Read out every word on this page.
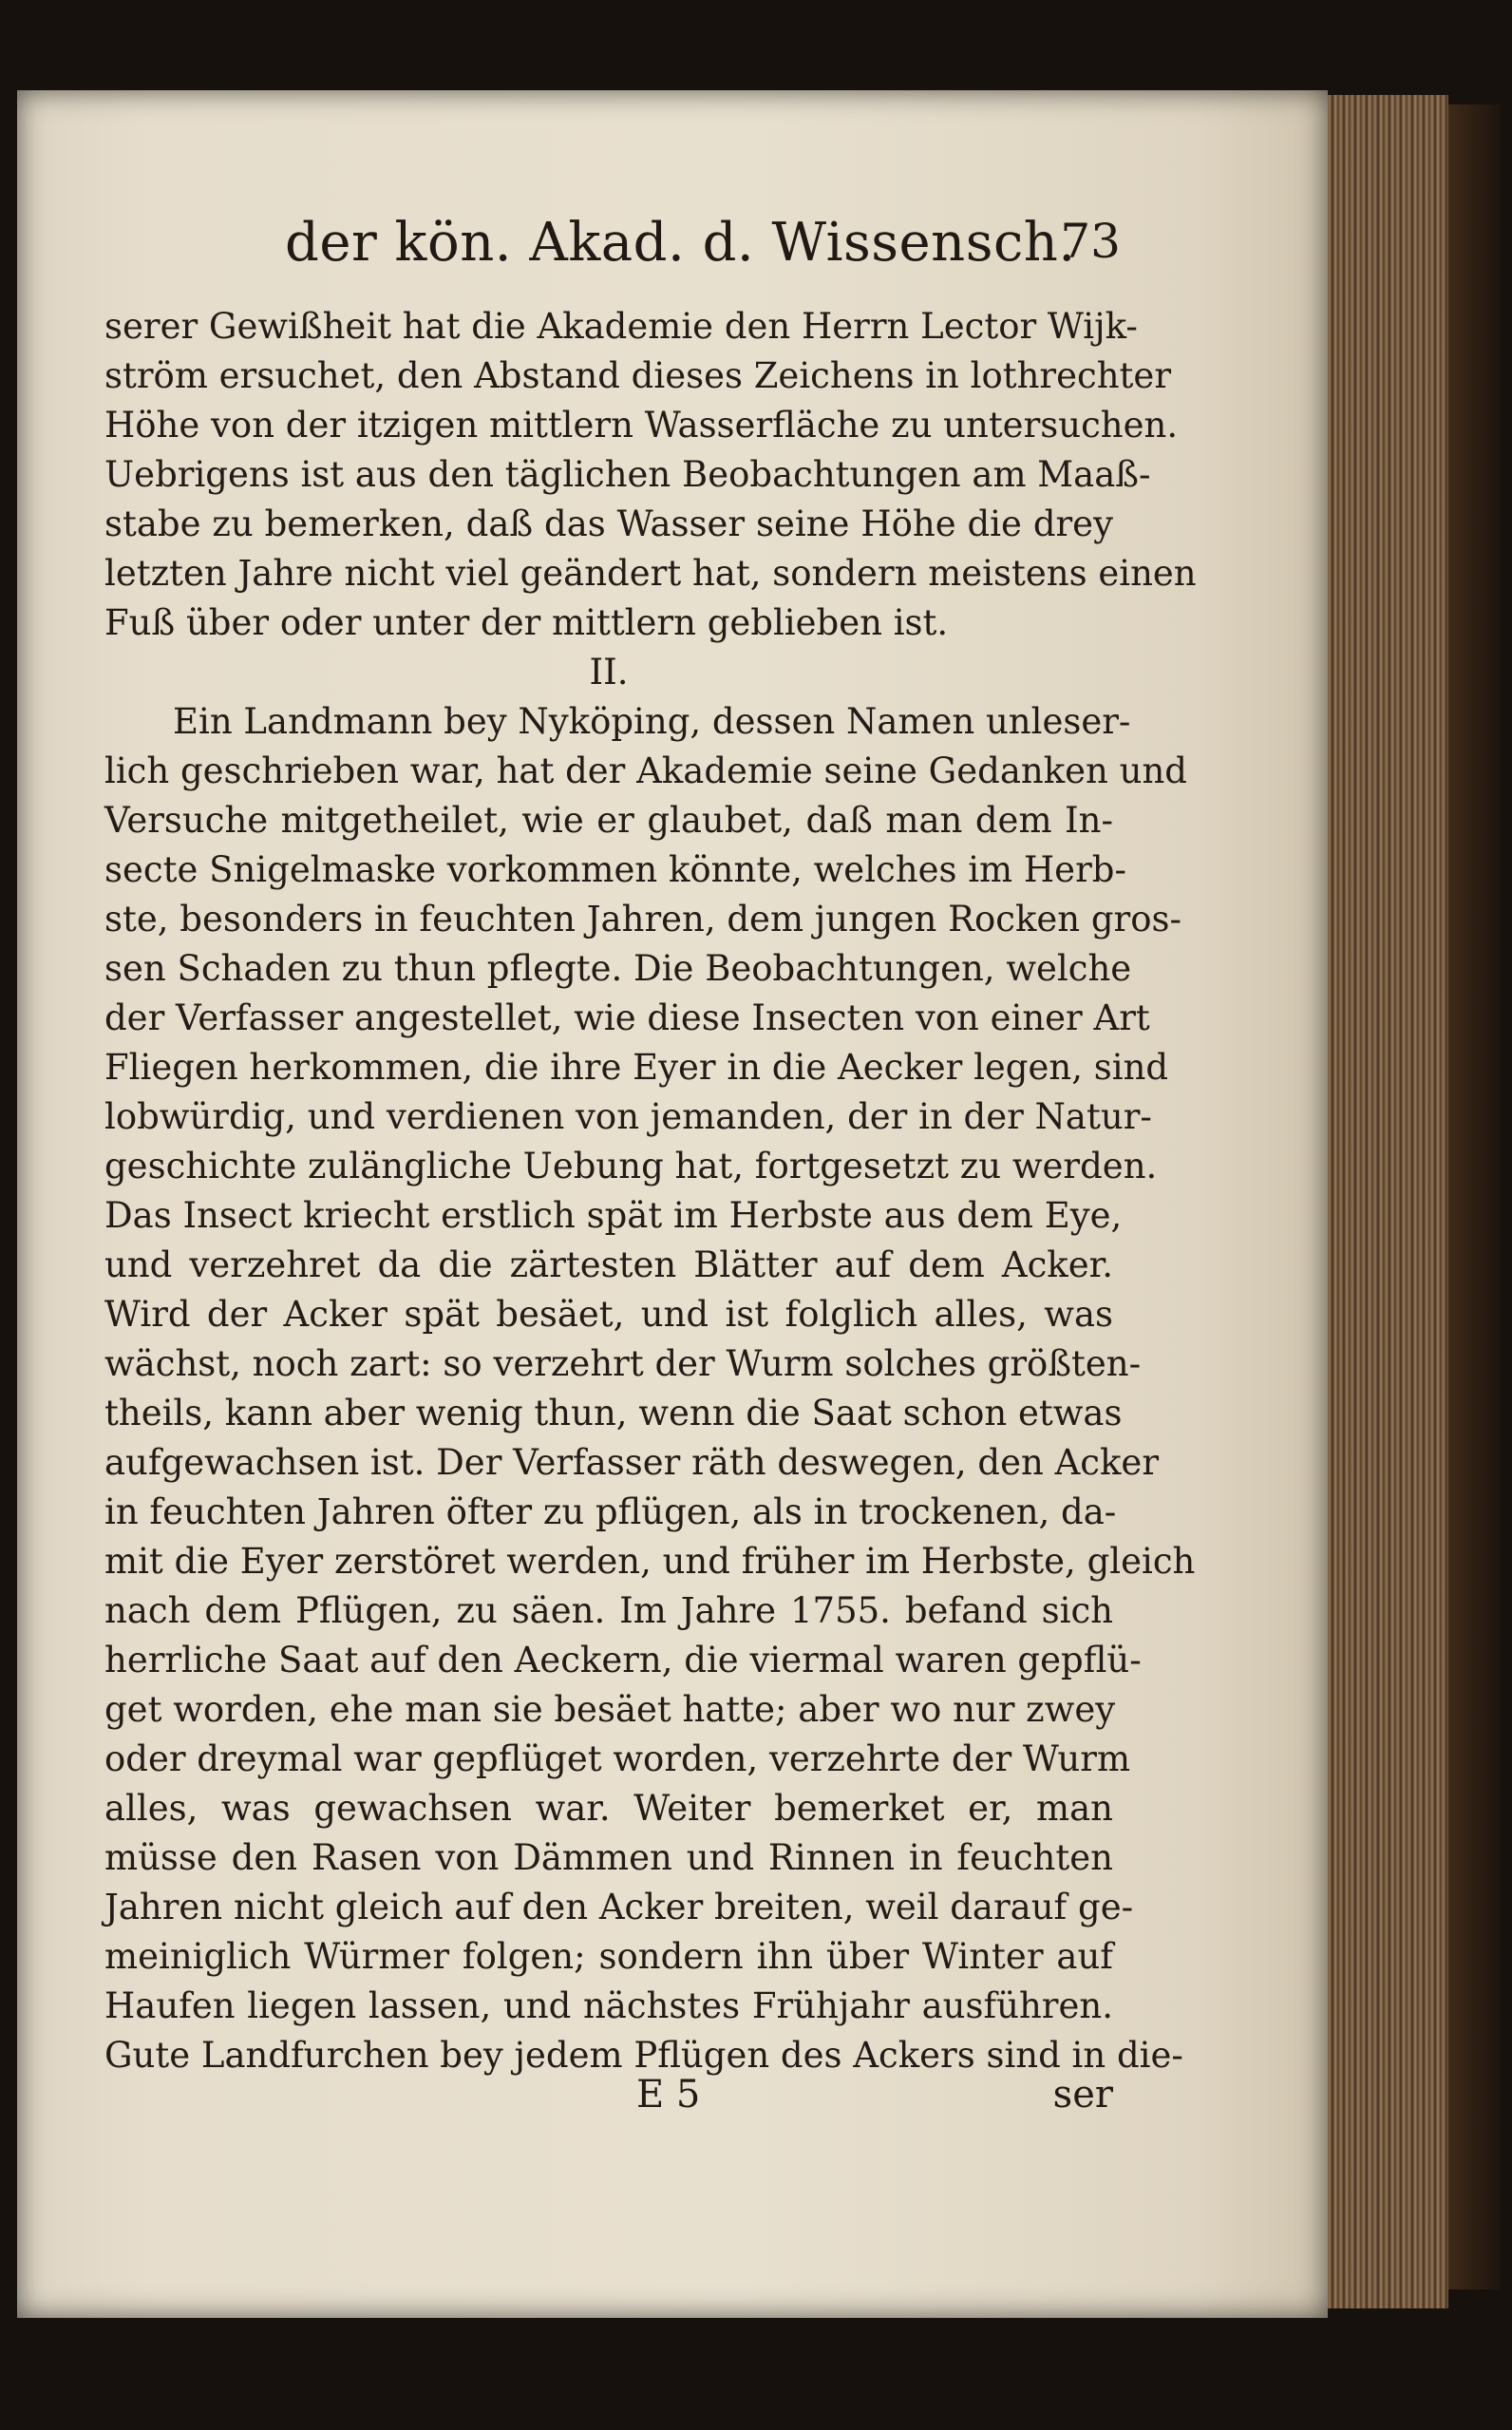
der kön. Akad. d. Wissensch.
73
serer Gewißheit hat die Akademie den Herrn Lector Wijk-
ström ersuchet, den Abstand dieses Zeichens in lothrechter
Höhe von der itzigen mittlern Wasserfläche zu untersuchen.
Uebrigens ist aus den täglichen Beobachtungen am Maaß-
stabe zu bemerken, daß das Wasser seine Höhe die drey
letzten Jahre nicht viel geändert hat, sondern meistens einen
Fuß über oder unter der mittlern geblieben ist.
II.
Ein Landmann bey Nyköping, dessen Namen unleser-
lich geschrieben war, hat der Akademie seine Gedanken und
Versuche mitgetheilet, wie er glaubet, daß man dem In-
secte Snigelmaske vorkommen könnte, welches im Herb-
ste, besonders in feuchten Jahren, dem jungen Rocken gros-
sen Schaden zu thun pflegte. Die Beobachtungen, welche
der Verfasser angestellet, wie diese Insecten von einer Art
Fliegen herkommen, die ihre Eyer in die Aecker legen, sind
lobwürdig, und verdienen von jemanden, der in der Natur-
geschichte zulängliche Uebung hat, fortgesetzt zu werden.
Das Insect kriecht erstlich spät im Herbste aus dem Eye,
und verzehret da die zärtesten Blätter auf dem Acker.
Wird der Acker spät besäet, und ist folglich alles, was
wächst, noch zart: so verzehrt der Wurm solches größten-
theils, kann aber wenig thun, wenn die Saat schon etwas
aufgewachsen ist. Der Verfasser räth deswegen, den Acker
in feuchten Jahren öfter zu pflügen, als in trockenen, da-
mit die Eyer zerstöret werden, und früher im Herbste, gleich
nach dem Pflügen, zu säen. Im Jahre 1755. befand sich
herrliche Saat auf den Aeckern, die viermal waren gepflü-
get worden, ehe man sie besäet hatte; aber wo nur zwey
oder dreymal war gepflüget worden, verzehrte der Wurm
alles, was gewachsen war. Weiter bemerket er, man
müsse den Rasen von Dämmen und Rinnen in feuchten
Jahren nicht gleich auf den Acker breiten, weil darauf ge-
meiniglich Würmer folgen; sondern ihn über Winter auf
Haufen liegen lassen, und nächstes Frühjahr ausführen.
Gute Landfurchen bey jedem Pflügen des Ackers sind in die-
E 5	ser
